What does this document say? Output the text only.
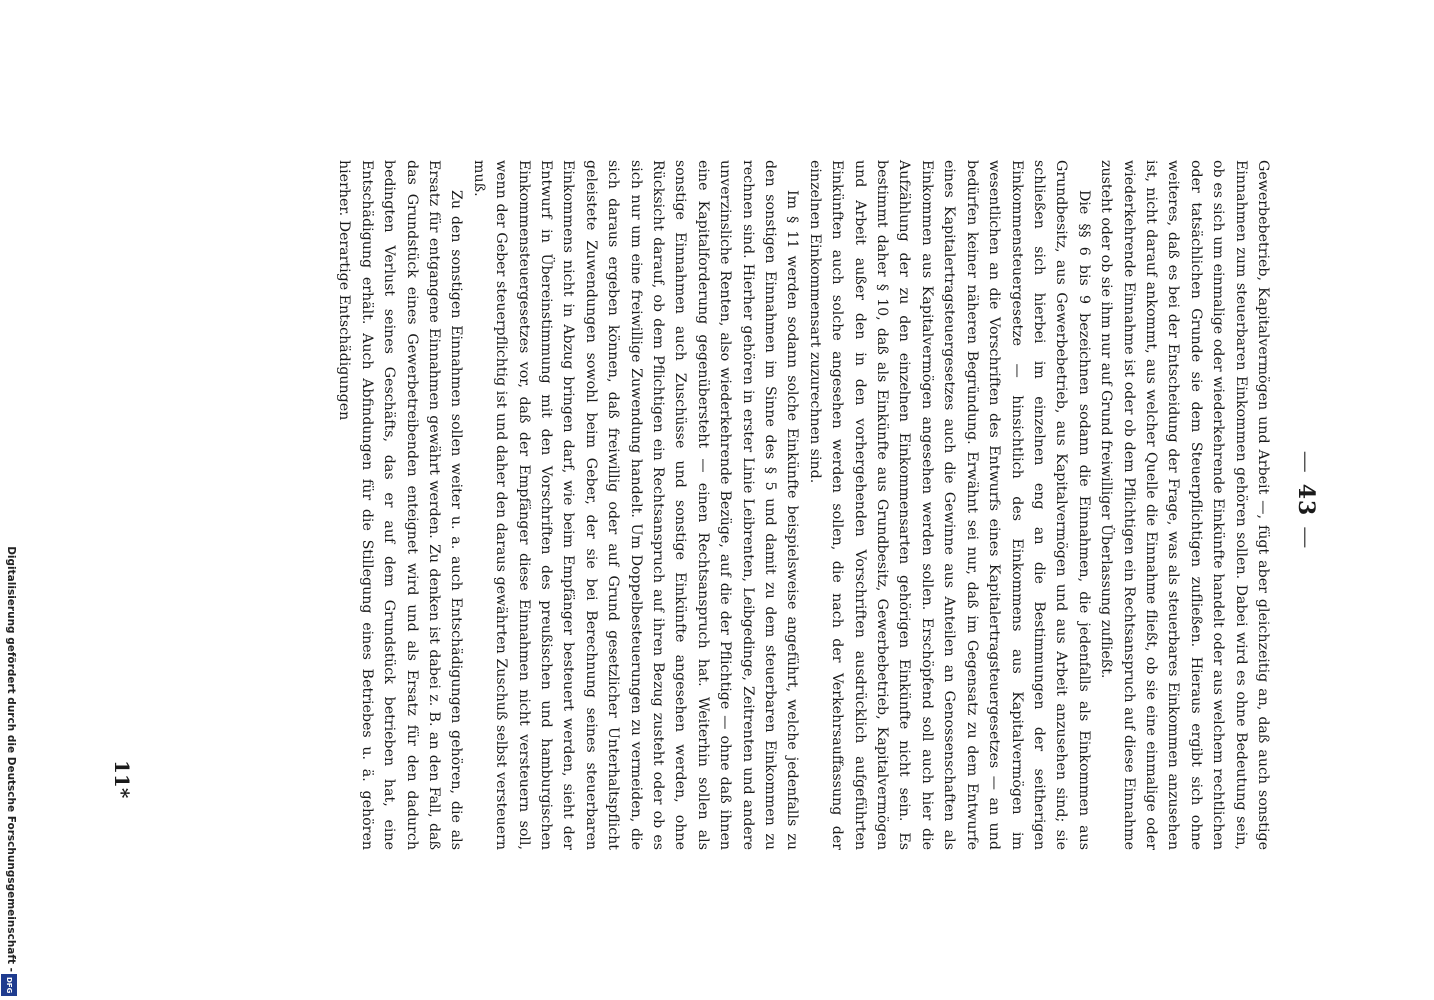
—43—

Gewerbebetrieb, Kapitalvermögen und Arbeit —, fügt aber gleichzeitig an, daß auch sonstige Einnahmen zum steuerbaren Einkommen gehören sollen. Dabei wird es ohne Bedeutung sein, ob es sich um einmalige oder wiederkehrende Einkünfte handelt oder aus welchem rechtlichen oder tatsächlichen Grunde sie dem Steuerpflichtigen zufließen. Hieraus ergibt sich ohne weiteres, daß es bei der Entscheidung der Frage, was als steuerbares Einkommen anzusehen ist, nicht darauf ankommt, aus welcher Quelle die Einnahme fließt, ob sie eine einmalige oder wiederkehrende Einnahme ist oder ob dem Pflichtigen ein Rechtsanspruch auf diese Einnahme zusteht oder ob sie ihm nur auf Grund freiwilliger Überlassung zufließt.

Die §§ 6 bis 9 bezeichnen sodann die Einnahmen, die jedenfalls als Einkommen aus Grundbesitz, aus Gewerbebetrieb, aus Kapitalvermögen und aus Arbeit anzusehen sind; sie schließen sich hierbei im einzelnen eng an die Bestimmungen der seitherigen Einkommensteuergesetze — hinsichtlich des Einkommens aus Kapitalvermögen im wesentlichen an die Vorschriften des Entwurfs eines Kapitalertragsteuergesetzes — an und bedürfen keiner näheren Begründung. Erwähnt sei nur, daß im Gegensatz zu dem Entwurfe eines Kapitalertragsteuergesetzes auch die Gewinne aus Anteilen an Genossenschaften als Einkommen aus Kapitalvermögen angesehen werden sollen. Erschöpfend soll auch hier die Aufzählung der zu den einzelnen Einkommensarten gehörigen Einkünfte nicht sein. Es bestimmt daher § 10, daß als Einkünfte aus Grundbesitz, Gewerbebetrieb, Kapitalvermögen und Arbeit außer den in den vorhergehenden Vorschriften ausdrücklich aufgeführten Einkünften auch solche angesehen werden sollen, die nach der Verkehrsauffassung der einzelnen Einkommensart zuzurechnen sind.

Im § 11 werden sodann solche Einkünfte beispielsweise angeführt, welche jedenfalls zu den sonstigen Einnahmen im Sinne des § 5 und damit zu dem steuerbaren Einkommen zu rechnen sind. Hierher gehören in erster Linie Leibrenten, Leibgedinge, Zeitrenten und andere unverzinsliche Renten, also wiederkehrende Bezüge, auf die der Pflichtige — ohne daß ihnen eine Kapitalforderung gegenübersteht — einen Rechtsanspruch hat. Weiterhin sollen als sonstige Einnahmen auch Zuschüsse und sonstige Einkünfte angesehen werden, ohne Rücksicht darauf, ob dem Pflichtigen ein Rechtsanspruch auf ihren Bezug zusteht oder ob es sich nur um eine freiwillige Zuwendung handelt. Um Doppelbesteuerungen zu vermeiden, die sich daraus ergeben können, daß freiwillig oder auf Grund gesetzlicher Unterhaltspflicht geleistete Zuwendungen sowohl beim Geber, der sie bei Berechnung seines steuerbaren Einkommens nicht in Abzug bringen darf, wie beim Empfänger besteuert werden, sieht der Entwurf in Übereinstimmung mit den Vorschriften des preußischen und hamburgischen Einkommensteuergesetzes vor, daß der Empfänger diese Einnahmen nicht versteuern soll, wenn der Geber steuerpflichtig ist und daher den daraus gewährten Zuschuß selbst versteuern muß.

Zu den sonstigen Einnahmen sollen weiter u. a. auch Entschädigungen gehören, die als Ersatz für entgangene Einnahmen gewährt werden. Zu denken ist dabei z. B. an den Fall, daß das Grundstück eines Gewerbetreibenden enteignet wird und als Ersatz für den dadurch bedingten Verlust seines Geschäfts, das er auf dem Grundstück betrieben hat, eine Entschädigung erhält. Auch Abfindungen für die Stillegung eines Betriebes u. ä. gehören hierher. Derartige Entschädigungen

11*
Digitalisierung gefördert durch die Deutsche Forschungsgemeinschaft -
DFG
